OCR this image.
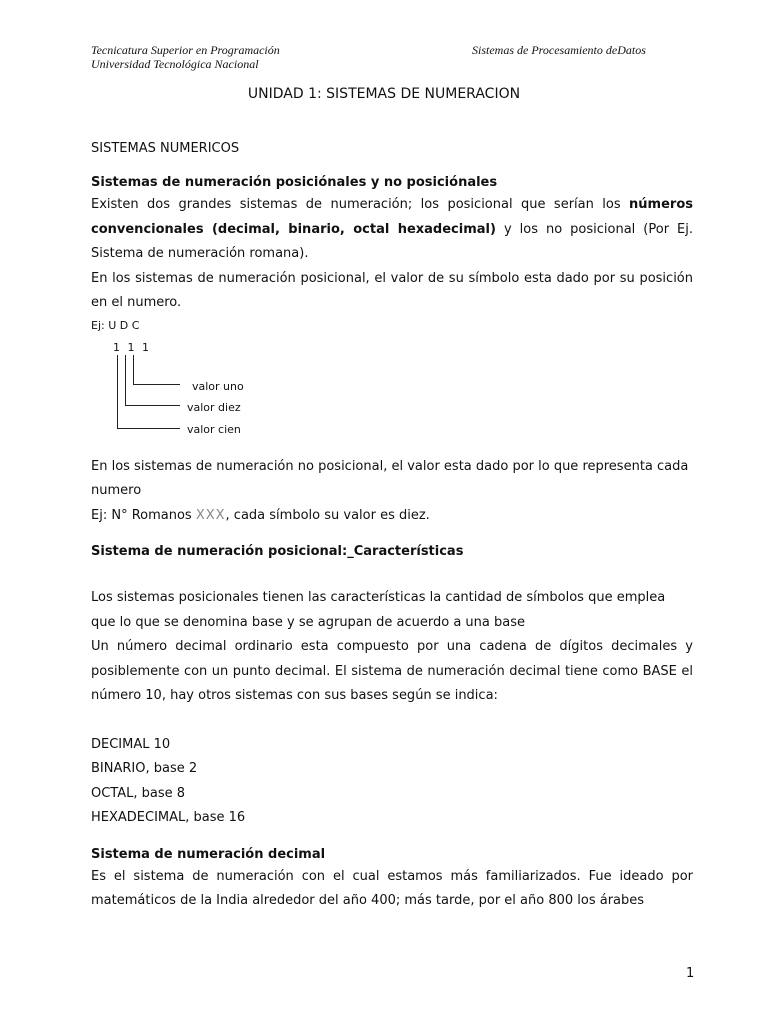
Tecnicatura Superior en Programación
Universidad Tecnológica Nacional
Sistemas de Procesamiento deDatos
UNIDAD 1: SISTEMAS DE NUMERACION

SISTEMAS NUMERICOS

Sistemas de numeración posiciónales y no posiciónales

Existen dos grandes sistemas de numeración; los posicional que serían los números convencionales (decimal, binario, octal hexadecimal) y los no posicional (Por Ej. Sistema de numeración romana).

En los sistemas de numeración posicional, el valor de su símbolo esta dado por su posición en el numero.

Ej: U D C

1 1 1
valor uno
valor diez
valor cien

En los sistemas de numeración no posicional, el valor esta dado por lo que representa cada numero

Ej: N° Romanos XXX, cada símbolo su valor es diez.

Sistema de numeración posicional:_Características

Los sistemas posicionales tienen las características la cantidad de símbolos que emplea que lo que se denomina base y se agrupan de acuerdo a una base

Un número decimal ordinario esta compuesto por una cadena de dígitos decimales y posiblemente con un punto decimal. El sistema de numeración decimal tiene como BASE el número 10, hay otros sistemas con sus bases según se indica:

DECIMAL 10

BINARIO, base 2

OCTAL, base 8

HEXADECIMAL, base 16

Sistema de numeración decimal

Es el sistema de numeración con el cual estamos más familiarizados. Fue ideado por matemáticos de la India alrededor del año 400; más tarde, por el año 800 los árabes

1
